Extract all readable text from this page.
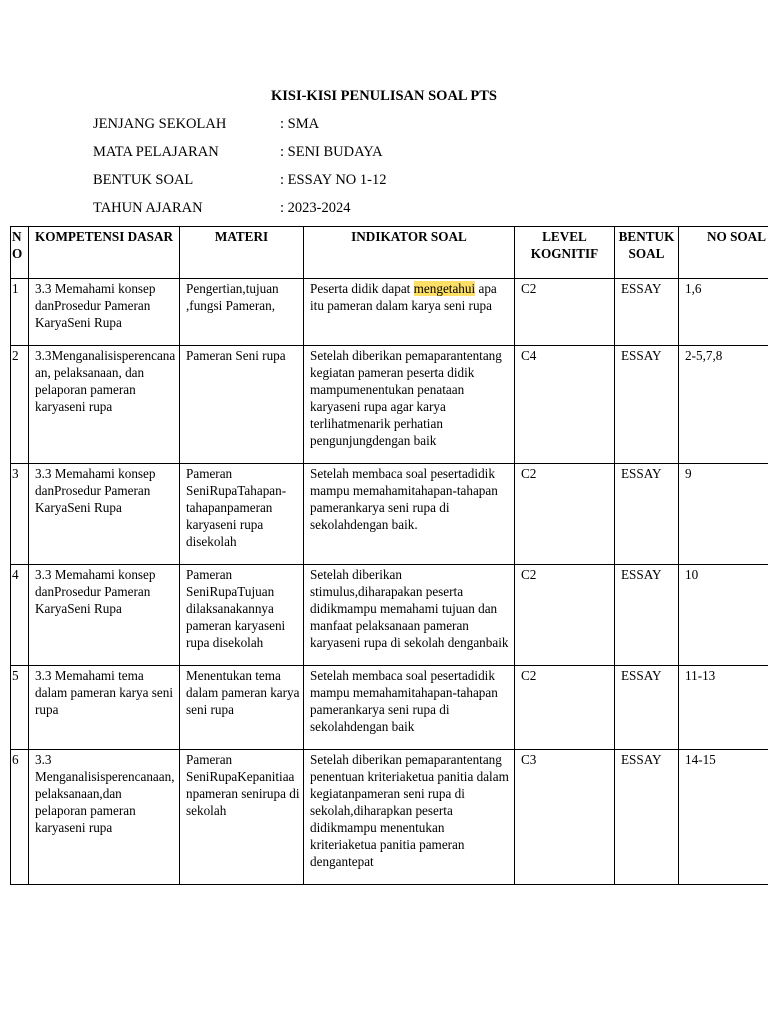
KISI-KISI PENULISAN SOAL PTS
JENJANG SEKOLAH	: SMA
MATA PELAJARAN	: SENI BUDAYA
BENTUK SOAL	: ESSAY NO 1-12
TAHUN AJARAN	: 2023-2024
NO	KOMPETENSI DASAR	MATERI	INDIKATOR SOAL	LEVEL KOGNITIF	BENTUK SOAL	NO SOAL
1	3.3 Memahami konsep danProsedur Pameran KaryaSeni Rupa	Pengertian,tujuan ,fungsi Pameran,	Peserta didik dapat mengetahui apa itu pameran dalam karya seni rupa	C2	ESSAY	1,6
2	3.3Menganalisisperencanaan, pelaksanaan, dan pelaporan pameran karyaseni rupa	Pameran Seni rupa	Setelah diberikan pemaparantentang kegiatan pameran peserta didik mampumenentukan penataan karyaseni rupa agar karya terlihatmenarik perhatian pengunjungdengan baik	C4	ESSAY	2-5,7,8
3	3.3 Memahami konsep danProsedur Pameran KaryaSeni Rupa	Pameran SeniRupaTahapan-tahapanpameran karyaseni rupa disekolah	Setelah membaca soal pesertadidik mampu memahamitahapan-tahapan pamerankarya seni rupa di sekolahdengan baik.	C2	ESSAY	9
4	3.3 Memahami konsep danProsedur Pameran KaryaSeni Rupa	Pameran SeniRupaTujuan dilaksanakannya pameran karyaseni rupa disekolah	Setelah diberikan stimulus,diharapakan peserta didikmampu memahami tujuan dan manfaat pelaksanaan pameran karyaseni rupa di sekolah denganbaik	C2	ESSAY	10
5	3.3 Memahami tema dalam pameran karya seni rupa	Menentukan tema dalam pameran karya seni rupa	Setelah membaca soal pesertadidik mampu memahamitahapan-tahapan pamerankarya seni rupa di sekolahdengan baik	C2	ESSAY	11-13
6	3.3 Menganalisisperencanaan, pelaksanaan,dan pelaporan pameran karyaseni rupa	Pameran SeniRupaKepanitiaanpameran senirupa di sekolah	Setelah diberikan pemaparantentang penentuan kriteriaketua panitia dalam kegiatanpameran seni rupa di sekolah,diharapkan peserta didikmampu menentukan kriteriaketua panitia pameran dengantepat	C3	ESSAY	14-15
